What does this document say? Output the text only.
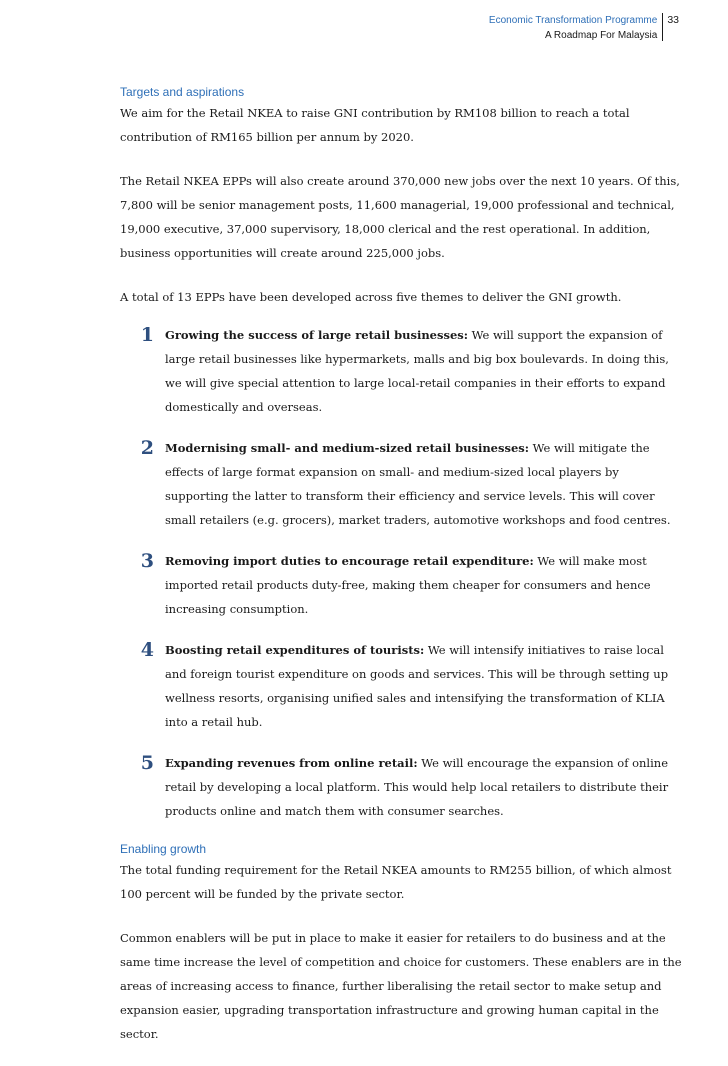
Economic Transformation Programme
A Roadmap For Malaysia
33
Targets and aspirations

We aim for the Retail NKEA to raise GNI contribution by RM108 billion to reach a total contribution of RM165 billion per annum by 2020.

The Retail NKEA EPPs will also create around 370,000 new jobs over the next 10 years. Of this, 7,800 will be senior management posts, 11,600 managerial, 19,000 professional and technical, 19,000 executive, 37,000 supervisory, 18,000 clerical and the rest operational. In addition, business opportunities will create around 225,000 jobs.

A total of 13 EPPs have been developed across five themes to deliver the GNI growth.

1 Growing the success of large retail businesses: We will support the expansion of large retail businesses like hypermarkets, malls and big box boulevards. In doing this, we will give special attention to large local-retail companies in their efforts to expand domestically and overseas.
2 Modernising small- and medium-sized retail businesses: We will mitigate the effects of large format expansion on small- and medium-sized local players by supporting the latter to transform their efficiency and service levels. This will cover small retailers (e.g. grocers), market traders, automotive workshops and food centres.
3 Removing import duties to encourage retail expenditure: We will make most imported retail products duty-free, making them cheaper for consumers and hence increasing consumption.
4 Boosting retail expenditures of tourists: We will intensify initiatives to raise local and foreign tourist expenditure on goods and services. This will be through setting up wellness resorts, organising unified sales and intensifying the transformation of KLIA into a retail hub.
5 Expanding revenues from online retail: We will encourage the expansion of online retail by developing a local platform. This would help local retailers to distribute their products online and match them with consumer searches.
Enabling growth

The total funding requirement for the Retail NKEA amounts to RM255 billion, of which almost 100 percent will be funded by the private sector.

Common enablers will be put in place to make it easier for retailers to do business and at the same time increase the level of competition and choice for customers. These enablers are in the areas of increasing access to finance, further liberalising the retail sector to make setup and expansion easier, upgrading transportation infrastructure and growing human capital in the sector.
